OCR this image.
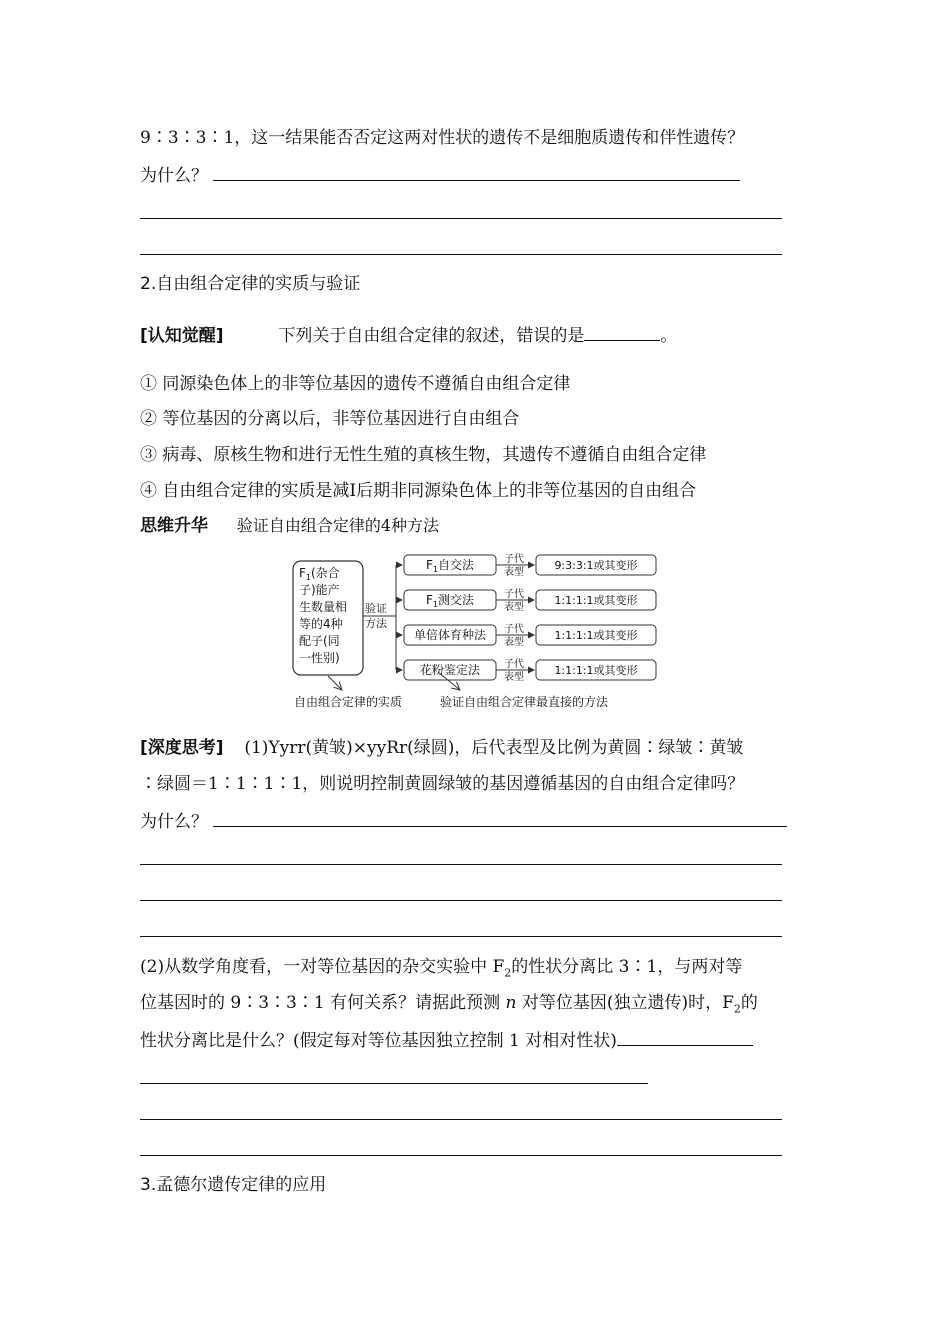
9∶3∶3∶1，这一结果能否否定这两对性状的遗传不是细胞质遗传和伴性遗传？
为什么？
2.自由组合定律的实质与验证
[认知觉醒]	下列关于自由组合定律的叙述，错误的是	。
① 同源染色体上的非等位基因的遗传不遵循自由组合定律
② 等位基因的分离以后，非等位基因进行自由组合
③ 病毒、原核生物和进行无性生殖的真核生物，其遗传不遵循自由组合定律
④ 自由组合定律的实质是减Ⅰ后期非同源染色体上的非等位基因的自由组合
思维升华 验证自由组合定律的4种方法
$F_1$(杂合
子)能产
生数量相
等的4种
配子(同
一性别)
验证
方法
$F_1$自交法	子代
表型
9:3:3:1或其变形
$F_1$测交法	子代
表型
1:1:1:1或其变形
单倍体育种法 子代
表型
1:1:1:1或其变形
花粉鉴定法 子代
表型
1:1:1:1或其变形
自由组合定律的实质	验证自由组合定律最直接的方法
[深度思考] (1)Yyrr(黄皱)×yyRr(绿圆)，后代表型及比例为黄圆∶绿皱∶黄皱
∶绿圆＝1∶1∶1∶1，则说明控制黄圆绿皱的基因遵循基因的自由组合定律吗？
为什么？
(2)从数学角度看，一对等位基因的杂交实验中 $F_2$的性状分离比 3∶1，与两对等
位基因时的 9∶3∶3∶1 有何关系？请据此预测 n 对等位基因(独立遗传)时，$F_2$的
性状分离比是什么？(假定每对等位基因独立控制 1 对相对性状)
3.孟德尔遗传定律的应用
